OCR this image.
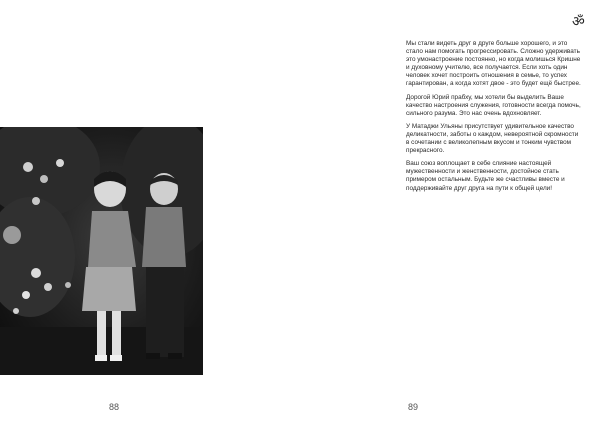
88
ॐ

Мы стали видеть друг в друге больше хорошего, и это стало нам помогать прогрессировать. Сложно удерживать это умонастроение постоянно, но когда молишься Кришне и духовному учителю, все получается. Если хоть один человек хочет построить отношения в семье, то успех гарантирован, а когда хотят двое - это будет ещё быстрее.

Дорогой Юрий прабху, мы хотели бы выделить Ваше качество настроения служения, готовности всегда помочь, сильного разума. Это нас очень вдохновляет.

У Матаджи Ульяны присутствует удивительное качество деликатности, заботы о каждом, невероятной скромности в сочетании с великолепным вкусом и тонким чувством прекрасного.

Ваш союз воплощает в себе слияние настоящей мужественности и женственности, достойное стать примером остальным. Будьте же счастливы вместе и поддерживайте друг друга на пути к общей цели!

89
